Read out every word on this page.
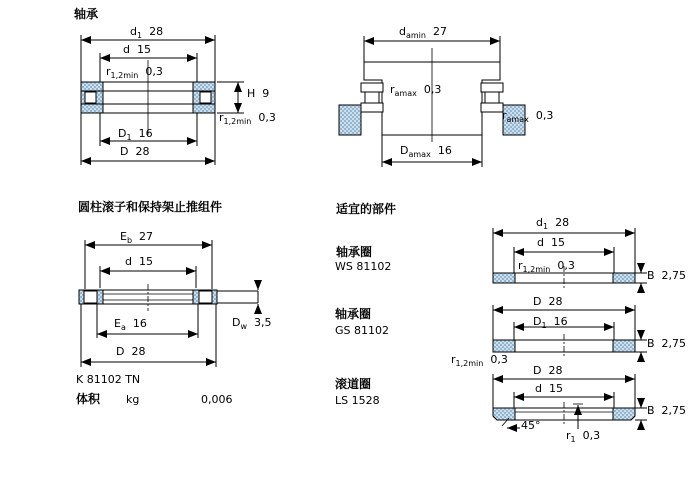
轴承
圆柱滚子和保持架止推组件
K 81102 TN
体积 kg	0,006
适宜的部件
轴承圈
WS 81102
轴承圈
GS 81102
滚道圈
LS 1528
$d_1$ 28
d 15
$r_{1,2min}$ 0,3
H 9
$r_{1,2min}$ 0,3
$D_1$ 16
D 28
$d_{amin}$ 27
$r_{amax}$ 0,3
$r_{amax}$ 0,3
$D_{amax}$ 16
$E_b$ 27
d 15
$E_a$ 16
D 28
$D_w$ 3,5
$d_1$ 28
d 15
$r_{1,2min}$ 0,3
B 2,75
D 28
$D_1$ 16
B 2,75
$r_{1,2min}$ 0,3
D 28
d 15
B 2,75
45°
$r_1$ 0,3
